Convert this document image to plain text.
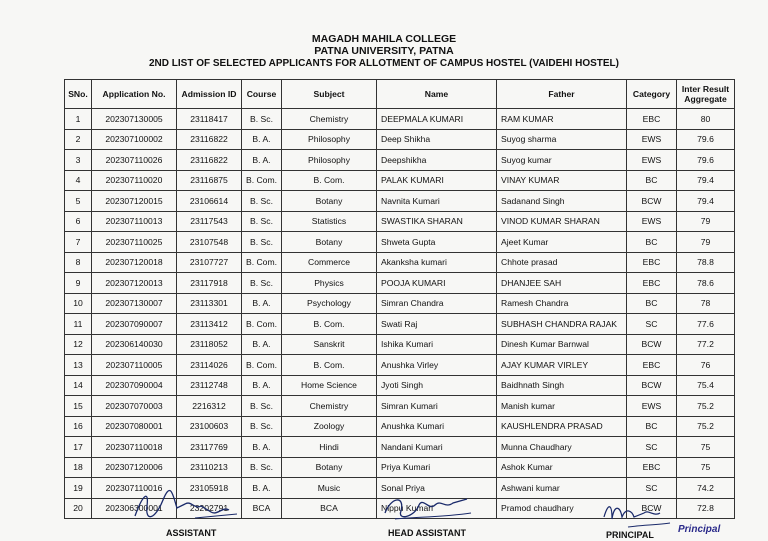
MAGADH MAHILA COLLEGE
PATNA UNIVERSITY, PATNA
2ND LIST OF SELECTED APPLICANTS FOR ALLOTMENT OF CAMPUS HOSTEL (VAIDEHI HOSTEL)
SNo.	Application No.	Admission ID	Course	Subject	Name	Father	Category	Inter Result Aggregate
1	202307130005	23118417	B. Sc.	Chemistry	DEEPMALA KUMARI	RAM KUMAR	EBC	80
2	202307100002	23116822	B. A.	Philosophy	Deep Shikha	Suyog sharma	EWS	79.6
3	202307110026	23116822	B. A.	Philosophy	Deepshikha	Suyog kumar	EWS	79.6
4	202307110020	23116875	B. Com.	B. Com.	PALAK KUMARI	VINAY KUMAR	BC	79.4
5	202307120015	23106614	B. Sc.	Botany	Navnita Kumari	Sadanand Singh	BCW	79.4
6	202307110013	23117543	B. Sc.	Statistics	SWASTIKA SHARAN	VINOD KUMAR SHARAN	EWS	79
7	202307110025	23107548	B. Sc.	Botany	Shweta Gupta	Ajeet Kumar	BC	79
8	202307120018	23107727	B. Com.	Commerce	Akanksha kumari	Chhote prasad	EBC	78.8
9	202307120013	23117918	B. Sc.	Physics	POOJA KUMARI	DHANJEE SAH	EBC	78.6
10	202307130007	23113301	B. A.	Psychology	Simran Chandra	Ramesh Chandra	BC	78
11	202307090007	23113412	B. Com.	B. Com.	Swati Raj	SUBHASH CHANDRA RAJAK	SC	77.6
12	202306140030	23118052	B. A.	Sanskrit	Ishika Kumari	Dinesh Kumar Barnwal	BCW	77.2
13	202307110005	23114026	B. Com.	B. Com.	Anushka Virley	AJAY KUMAR VIRLEY	EBC	76
14	202307090004	23112748	B. A.	Home Science	Jyoti Singh	Baidhnath Singh	BCW	75.4
15	202307070003	2216312	B. Sc.	Chemistry	Simran Kumari	Manish kumar	EWS	75.2
16	202307080001	23100603	B. Sc.	Zoology	Anushka Kumari	KAUSHLENDRA PRASAD	BC	75.2
17	202307110018	23117769	B. A.	Hindi	Nandani Kumari	Munna Chaudhary	SC	75
18	202307120006	23110213	B. Sc.	Botany	Priya Kumari	Ashok Kumar	EBC	75
19	202307110016	23105918	B. A.	Music	Sonal Priya	Ashwani kumar	SC	74.2
20	202306300001	23202791	BCA	BCA	Nippu Kumari	Pramod chaudhary	BCW	72.8
ASSISTANT	HEAD ASSISTANT	PRINCIPAL Principal
